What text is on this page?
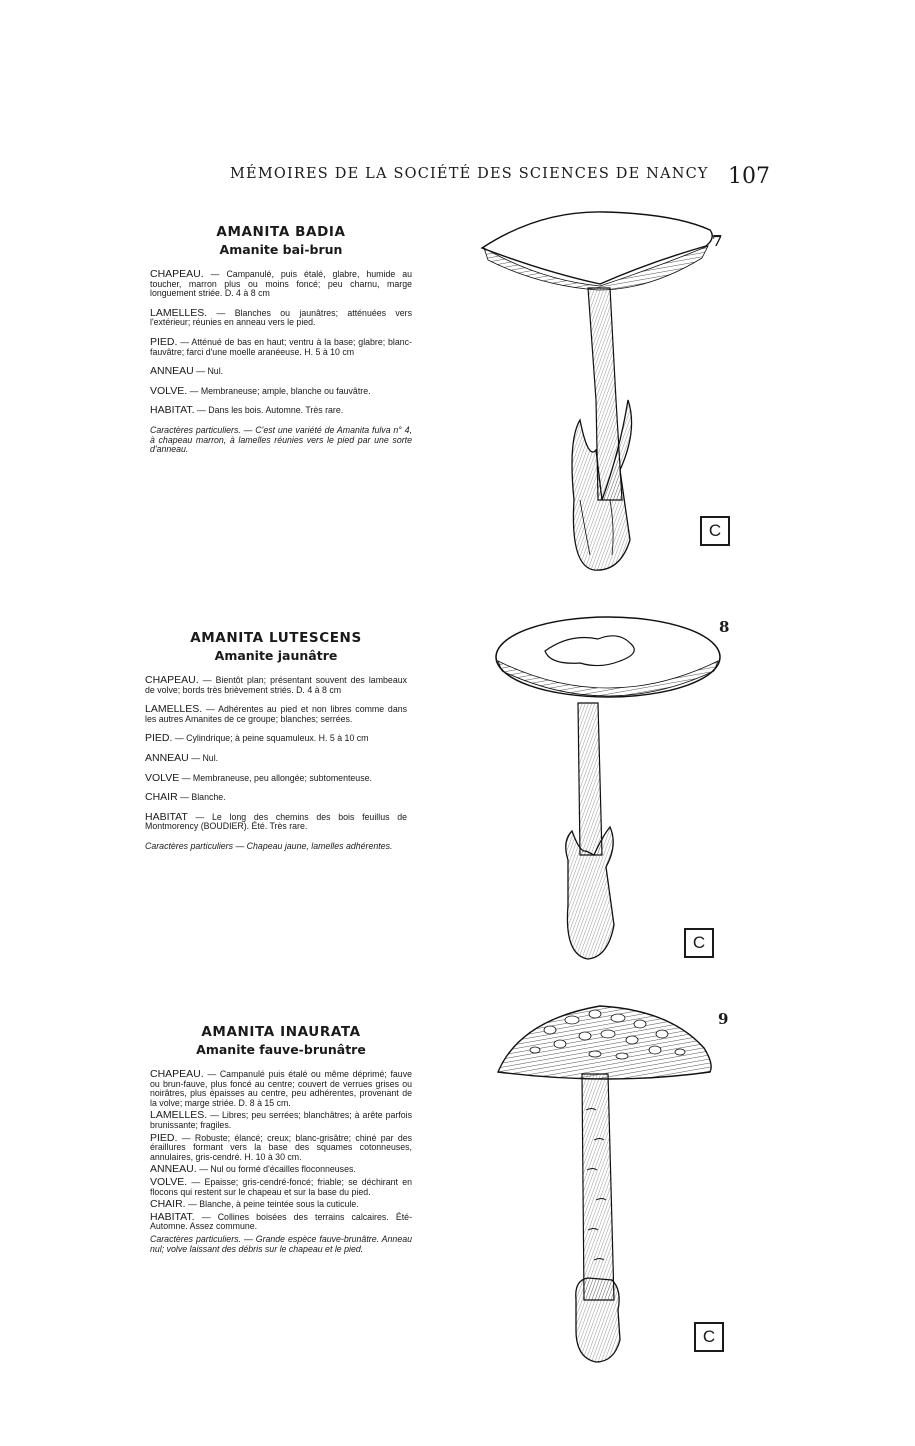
MÉMOIRES DE LA SOCIÉTÉ DES SCIENCES DE NANCY 107
AMANITA BADIA
Amanite bai-brun

CHAPEAU. — Campanulé, puis étalé, glabre, humide au toucher, marron plus ou moins foncé; peu charnu, marge longuement striée. D. 4 à 8 cm

LAMELLES. — Blanches ou jaunâtres; atténuées vers l'extérieur; réunies en anneau vers le pied.

PIED. — Atténué de bas en haut; ventru à la base; glabre; blanc-fauvâtre; farci d'une moelle aranéeuse. H. 5 à 10 cm

ANNEAU — Nul.

VOLVE. — Membraneuse; ample, blanche ou fauvâtre.

HABITAT. — Dans les bois. Automne. Très rare.

Caractères particuliers. — C'est une variété de Amanita fulva n° 4, à chapeau marron, à lamelles réunies vers le pied par une sorte d'anneau.

AMANITA LUTESCENS
Amanite jaunâtre

CHAPEAU. — Bientôt plan; présentant souvent des lambeaux de volve; bords très brièvement striés. D. 4 à 8 cm

LAMELLES. — Adhérentes au pied et non libres comme dans les autres Amanites de ce groupe; blanches; serrées.

PIED. — Cylindrique; à peine squamuleux. H. 5 à 10 cm

ANNEAU — Nul.

VOLVE — Membraneuse, peu allongée; subtomenteuse.

CHAIR — Blanche.

HABITAT — Le long des chemins des bois feuillus de Montmorency (BOUDIER). Été. Très rare.

Caractères particuliers — Chapeau jaune, lamelles adhérentes.

AMANITA INAURATA
Amanite fauve-brunâtre

CHAPEAU. — Campanulé puis étalé ou même déprimé; fauve ou brun-fauve, plus foncé au centre; couvert de verrues grises ou noirâtres, plus épaisses au centre, peu adhérentes, provenant de la volve; marge striée. D. 8 à 15 cm.

LAMELLES. — Libres; peu serrées; blanchâtres; à arête parfois brunissante; fragiles.

PIED. — Robuste; élancé; creux; blanc-grisâtre; chiné par des éraillures formant vers la base des squames cotonneuses, annulaires, gris-cendré. H. 10 à 30 cm.

ANNEAU. — Nul ou formé d'écailles floconneuses.

VOLVE. — Epaisse; gris-cendré-foncé; friable; se déchirant en flocons qui restent sur le chapeau et sur la base du pied.

CHAIR. — Blanche, à peine teintée sous la cuticule.

HABITAT. — Collines boisées des terrains calcaires. Été-Automne. Assez commune.

Caractères particuliers. — Grande espèce fauve-brunâtre. Anneau nul; volve laissant des débris sur le chapeau et le pied.

7
C
8
C
9
C
